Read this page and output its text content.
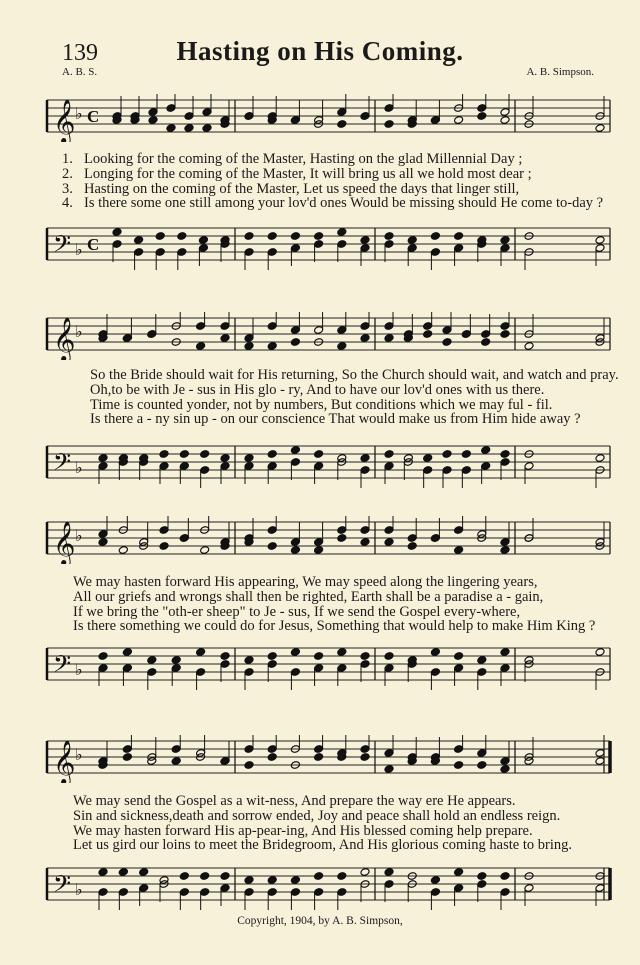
139	Hasting on His Coming.
A. B. S.	A. B. Simpson.
𝄞 ♭ C
1. Looking for the coming of the Master, Hasting on the glad Millennial Day ;
2. Longing for the coming of the Master, It will bring us all we hold most dear ;
3. Hasting on the coming of the Master, Let us speed the days that linger still,
4. Is there some one still among your lov'd ones Would be missing should He come to-day ?
𝄢 ♭ C
𝄞 ♭
So the Bride should wait for His returning, So the Church should wait, and watch and pray.
Oh,to be with Je - sus in His glo - ry, And to have our lov'd ones with us there.
Time is counted yonder, not by numbers, But conditions which we may ful - fil.
Is there a - ny sin up - on our conscience That would make us from Him hide away ?
𝄢 ♭
𝄞 ♭
We may hasten forward His appearing, We may speed along the lingering years,
All our griefs and wrongs shall then be righted, Earth shall be a paradise a - gain,
If we bring the "oth-er sheep" to Je - sus, If we send the Gospel every-where,
Is there something we could do for Jesus, Something that would help to make Him King ?
𝄢 ♭
𝄞 ♭
We may send the Gospel as a wit-ness, And prepare the way ere He appears.
Sin and sickness,death and sorrow ended, Joy and peace shall hold an endless reign.
We may hasten forward His ap-pear-ing, And His blessed coming help prepare.
Let us gird our loins to meet the Bridegroom, And His glorious coming haste to bring.
𝄢 ♭
Copyright, 1904, by A. B. Simpson,
